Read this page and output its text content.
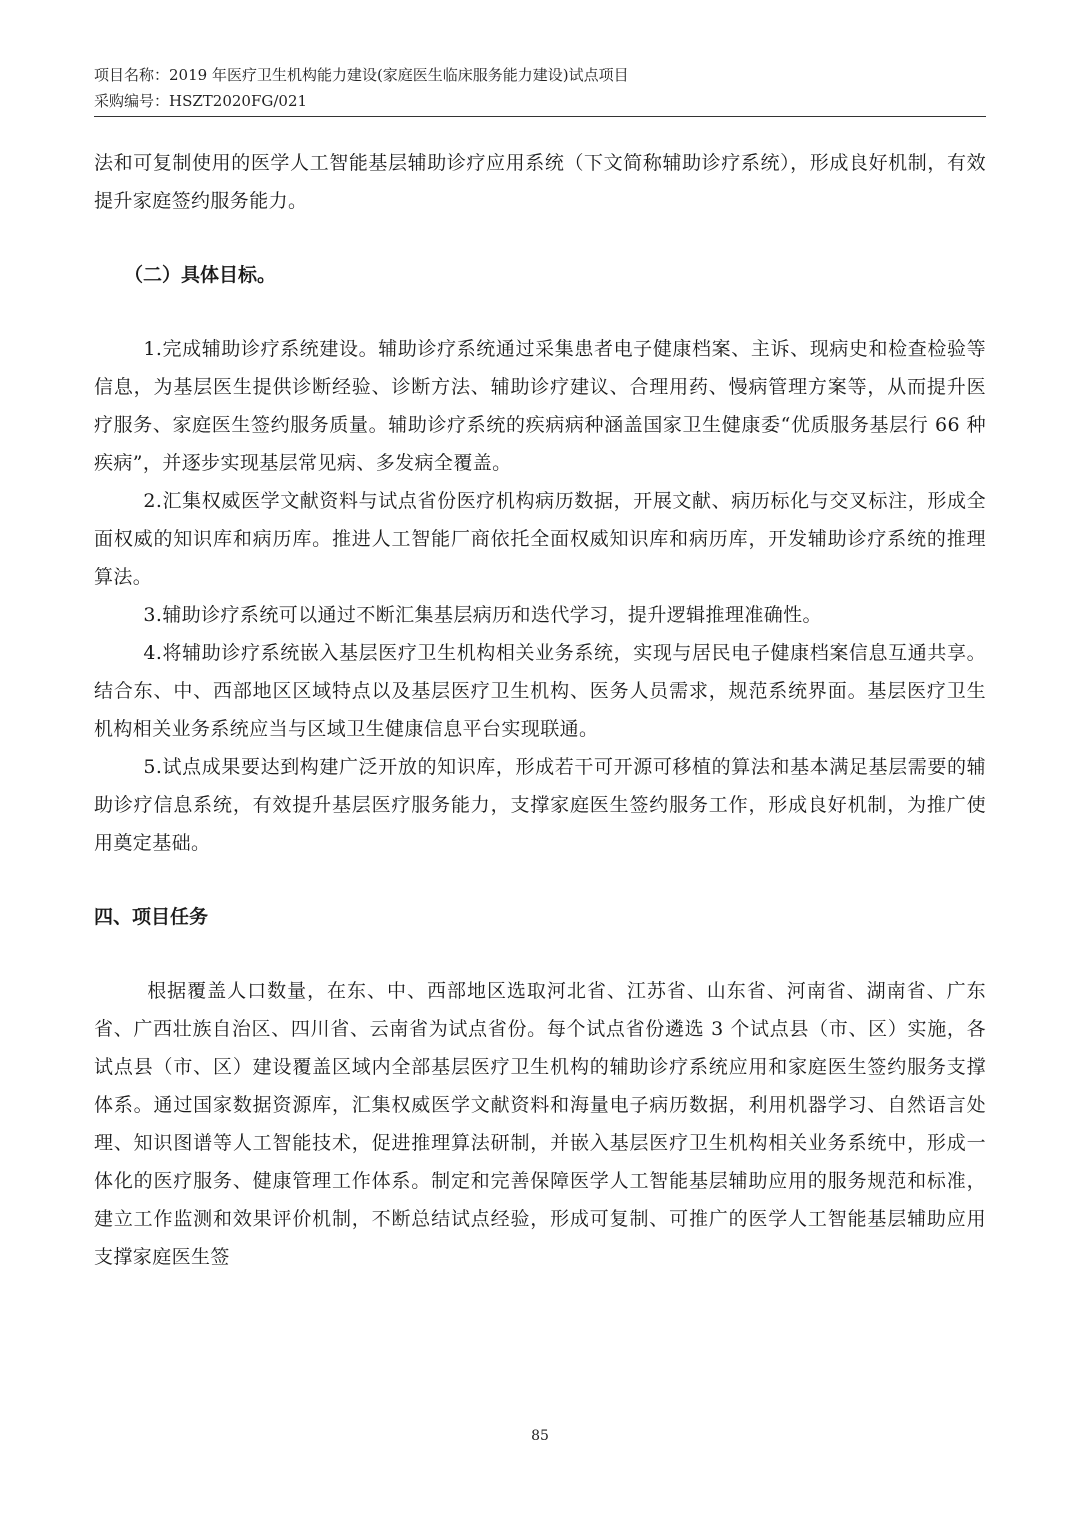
项目名称：2019 年医疗卫生机构能力建设(家庭医生临床服务能力建设)试点项目
采购编号：HSZT2020FG/021

法和可复制使用的医学人工智能基层辅助诊疗应用系统（下文简称辅助诊疗系统），形成良好机制，有效提升家庭签约服务能力。

（二）具体目标。

1.完成辅助诊疗系统建设。辅助诊疗系统通过采集患者电子健康档案、主诉、现病史和检查检验等信息，为基层医生提供诊断经验、诊断方法、辅助诊疗建议、合理用药、慢病管理方案等，从而提升医疗服务、家庭医生签约服务质量。辅助诊疗系统的疾病病种涵盖国家卫生健康委“优质服务基层行 66 种疾病”，并逐步实现基层常见病、多发病全覆盖。

2.汇集权威医学文献资料与试点省份医疗机构病历数据，开展文献、病历标化与交叉标注，形成全面权威的知识库和病历库。推进人工智能厂商依托全面权威知识库和病历库，开发辅助诊疗系统的推理算法。

3.辅助诊疗系统可以通过不断汇集基层病历和迭代学习，提升逻辑推理准确性。

4.将辅助诊疗系统嵌入基层医疗卫生机构相关业务系统，实现与居民电子健康档案信息互通共享。结合东、中、西部地区区域特点以及基层医疗卫生机构、医务人员需求，规范系统界面。基层医疗卫生机构相关业务系统应当与区域卫生健康信息平台实现联通。

5.试点成果要达到构建广泛开放的知识库，形成若干可开源可移植的算法和基本满足基层需要的辅助诊疗信息系统，有效提升基层医疗服务能力，支撑家庭医生签约服务工作，形成良好机制，为推广使用奠定基础。

四、项目任务

根据覆盖人口数量，在东、中、西部地区选取河北省、江苏省、山东省、河南省、湖南省、广东省、广西壮族自治区、四川省、云南省为试点省份。每个试点省份遴选 3 个试点县（市、区）实施，各试点县（市、区）建设覆盖区域内全部基层医疗卫生机构的辅助诊疗系统应用和家庭医生签约服务支撑体系。通过国家数据资源库，汇集权威医学文献资料和海量电子病历数据，利用机器学习、自然语言处理、知识图谱等人工智能技术，促进推理算法研制，并嵌入基层医疗卫生机构相关业务系统中，形成一体化的医疗服务、健康管理工作体系。制定和完善保障医学人工智能基层辅助应用的服务规范和标准，建立工作监测和效果评价机制，不断总结试点经验，形成可复制、可推广的医学人工智能基层辅助应用支撑家庭医生签

85
